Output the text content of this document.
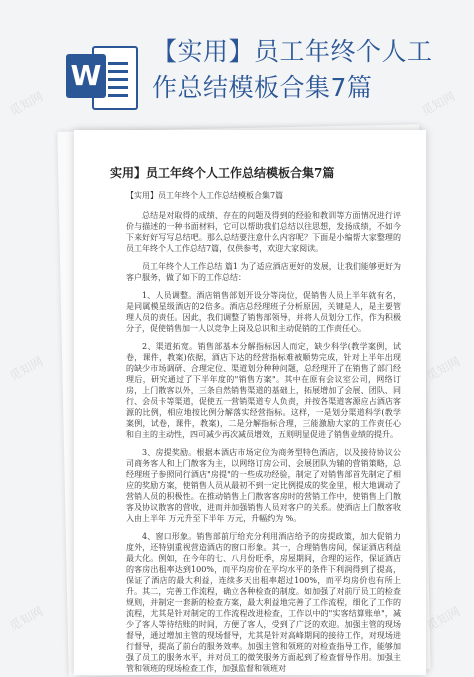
W
【实用】员工年终个人工作总结模板合集7篇
实用】员工年终个人工作总结模板合集7篇

【实用】员工年终个人工作总结模板合集7篇

总结是对取得的成绩、存在的问题及得到的经验和教训等方面情况进行评价与描述的一种书面材料，它可以帮助我们总结以往思想，发扬成绩，不如今下来好好写写总结吧。那么总结要注意什么内容呢？下面是小编帮大家整理的员工年终个人工作总结7篇，仅供参考，欢迎大家阅读。

员工年终个人工作总结 篇1 为了适应酒店更好的发展，让我们能够更好为客户服务，做了如下的工作总结：

1、人员调整。酒店销售部划开设分等岗位，促销售人员上半年就有名，是同属模星级酒店的2倍多。酒店总经理班子分析原因，关键是人，是主要管理人员的责任。因此，我们调整了销售部领导，并将人员划分工作，作为积极分子，促使销售加一人以竞争上岗及总识和主动促销的工作责任心。

2、渠道拓宽。销售部基本分解指标因人而定，缺少科学(教学案例，试卷，课件，教案)依据，酒店下达的经营指标难被顺势完成，针对上半年出现的缺少市场调研、合理定位、渠道划分种种问题，总经理开了在销售了部门经理后，研究通过了下半年度的"销售方案"。其中在原有会议室公司，网络订房，上门散客以外，三条自然销售渠道的基础上，拓展增加了会展、团队、同行、会员卡等渠道，促使五一营销渠道专人负责，并按各渠道客源应占酒店客源的比例，相应地按比例分解落实经营指标。这样，一是划分渠道科学(教学案例，试卷，课件，教案)，二是分解指标合理，三能激励大家的工作责任心和自主的主动性，四可减少再次减员增效，五则明显促进了销售业绩的提升。

3、房提奖励。根据本酒店市场定位为商务型特色酒店，以及接待协议公司商务客人和上门散客为主，以网络订房公司、会展团队为辅的营销策略，总经理班子参照同行酒店"房提"的一些成功经验，制定了对销售部首先制定了相应的奖励方案，使销售人员从最初不到一定比例提成的奖金里，根大地调动了营销人员的积极性。在推动销售上门散客客房时的营销工作中，使销售上门散客及协议散客的营收，进而并加强销售人员对客户的关系。使酒店上门散客收入由上半年 万元升至下半年 万元，升幅约为 %。

4、窗口形象。销售部前厅给充分利用酒店给予的房提政策，加大促销力度外，还特别重视营造酒店的窗口形象。其一，合理销售房间，保证酒店利益最大化。例如，在今年的七、八月份旺季，房屋期间，合理的运作，保证酒店的客房出租率达到100%，而平均房价在平均水平的条件下利润得到了提高，保证了酒店的最大利益，连续多天出租率超过100%，而平均房价也有所上升。其二，完善工作流程，确立各种检查的制度。如加强了对前厅员工的检查规则，并制定一套新的检查方案，最大利益地完善了工作流程，细化了工作的流程，尤其是针对制定的工作流程改进检查，工作以中的"实客结算账单"，减少了客人等待结账的时间，方便了客人，受到了广泛的欢迎。加强主管的现场督导，通过增加主管的现场督导，尤其是针对高峰期间的接待工作，对现场进行督导，提高了前台的服务效率。加强主管和领班的对检查指导工作，能够加强了员工的服务水平，并对员工的微笑服务方面起到了检查督导作用。加强主管和领班的现场检查工作，加强监督和领班对

觅知网	觅知网
觅知网	觅知网
觅知网	觅知网
